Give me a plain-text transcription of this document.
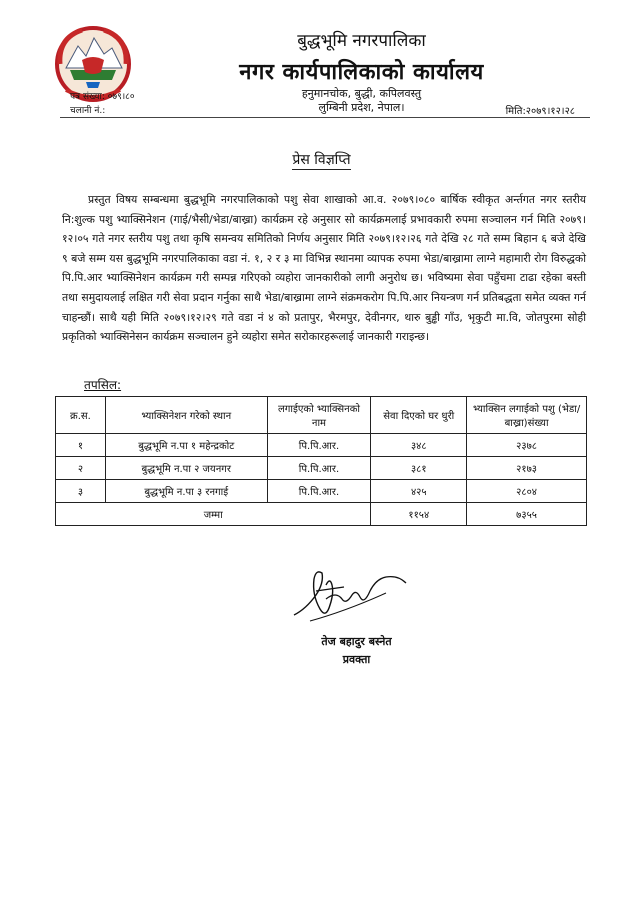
बुद्धभूमि नगरपालिका
नगर कार्यपालिकाको कार्यालय
हनुमानचोक, बुद्धी, कपिलवस्तु
लुम्बिनी प्रदेश, नेपाल।
पत्र संख्या: ०७९।८०
चलानी नं.:	मिति:२०७९।१२।२८
प्रेस विज्ञप्ति
प्रस्तुत विषय सम्बन्धमा बुद्धभूमि नगरपालिकाको पशु सेवा शाखाको आ.व. २०७९।०८० बार्षिक स्वीकृत अर्न्तगत नगर स्तरीय नि:शुल्क पशु भ्याक्सिनेशन (गाई/भैसी/भेडा/बाख्रा) कार्यक्रम रहे अनुसार सो कार्यक्रमलाई प्रभावकारी रुपमा सञ्चालन गर्न मिति २०७९।१२।०५ गते नगर स्तरीय पशु तथा कृषि समन्वय समितिको निर्णय अनुसार मिति २०७९।१२।२६ गते देखि २८ गते सम्म बिहान ६ बजे देखि ९ बजे सम्म यस बुद्धभूमि नगरपालिकाका वडा नं. १, २ र ३ मा विभिन्न स्थानमा व्यापक रुपमा भेडा/बाख्रामा लाग्ने महामारी रोग विरुद्धको पि.पि.आर भ्याक्सिनेशन कार्यक्रम गरी सम्पन्न गरिएको व्यहोरा जानकारीको लागी अनुरोध छ। भविष्यमा सेवा पहुँचमा टाढा रहेका बस्ती तथा समुदायलाई लक्षित गरी सेवा प्रदान गर्नुका साथै भेडा/बाख्रामा लाग्ने संक्रमकरोग पि.पि.आर नियन्त्रण गर्न प्रतिबद्धता समेत व्यक्त गर्न चाहन्छौं। साथै यही मिति २०७९।१२।२९ गते वडा नं ४ को प्रतापुर, भैरमपुर, देवीनगर, थारु बुड्ढी गाँउ, भृकुटी मा.वि, जोतपुरमा सोही प्रकृतिको भ्याक्सिनेसन कार्यक्रम सञ्चालन हुने व्यहोरा समेत सरोकारहरूलाई जानकारी गराइन्छ।
तपसिल:
क्र.स.	भ्याक्सिनेशन गरेको स्थान	लगाईएको भ्याक्सिनको नाम	सेवा दिएको घर धुरी	भ्याक्सिन लगाईको पशु (भेडा/बाख्रा)संख्या
१	बुद्धभूमि न.पा १ महेन्द्रकोट	पि.पि.आर.	३४८	२३७८
२	बुद्धभूमि न.पा २ जयनगर	पि.पि.आर.	३८१	२१७३
३	बुद्धभूमि न.पा ३ रनगाई	पि.पि.आर.	४२५	२८०४
जम्मा			११५४	७३५५
तेज बहादुर बस्नेत
प्रवक्ता
